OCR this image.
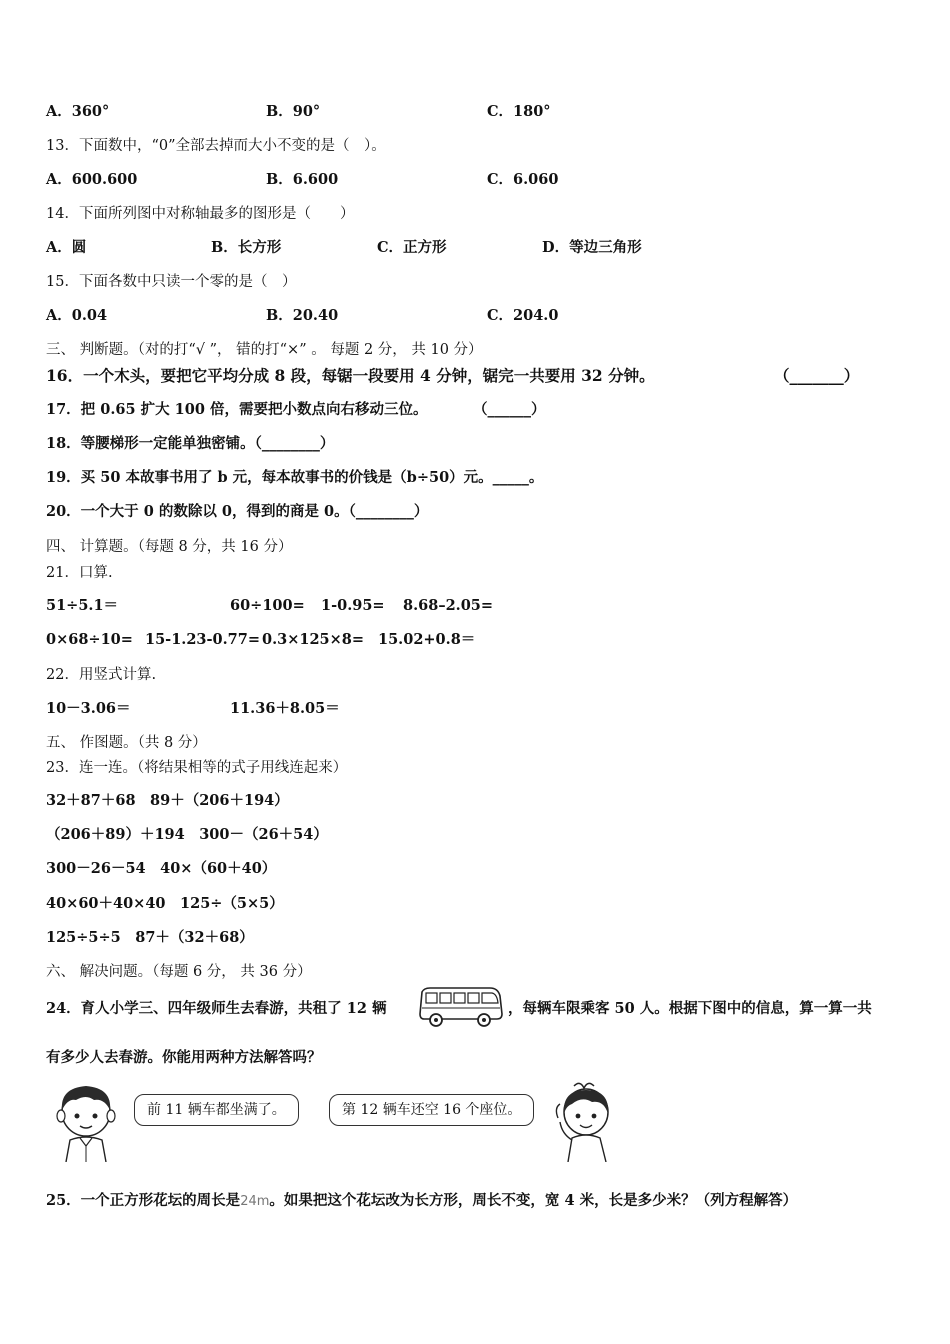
A．360°	B．90°	C．180°
13．下面数中，“0”全部去掉而大小不变的是（　）。
A．600.600	B．6.600	C．6.060
14．下面所列图中对称轴最多的图形是（　　）
A．圆	B．长方形	C．正方形	D．等边三角形
15．下面各数中只读一个零的是（　）
A．0.04	B．20.40	C．204.0
三、 判断题。（对的打“√ ”， 错的打“×” 。 每题 2 分， 共 10 分）
16．一个木头，要把它平均分成 8 段，每锯一段要用 4 分钟，锯完一共要用 32 分钟。	（_______）
17．把 0.65 扩大 100 倍，需要把小数点向右移动三位。	（______）
18．等腰梯形一定能单独密铺。（________）
19．买 50 本故事书用了 b 元，每本故事书的价钱是（b÷50）元。_____。
20．一个大于 0 的数除以 0，得到的商是 0。（________）
四、 计算题。（每题 8 分，共 16 分）
21．口算.
51÷5.1＝	60÷100= 1-0.95= 8.68–2.05=
0×68÷10= 15-1.23-0.77= 0.3×125×8= 15.02+0.8＝
22．用竖式计算.
10－3.06＝	11.36＋8.05＝
五、 作图题。（共 8 分）
23．连一连。（将结果相等的式子用线连起来）
32＋87＋68　89＋（206＋194）
（206＋89）＋194　300－（26＋54）
300－26－54　40×（60＋40）
40×60＋40×40　125÷（5×5）
125÷5÷5　87＋（32＋68）
六、 解决问题。（每题 6 分， 共 36 分）
24．育人小学三、四年级师生去春游，共租了 12 辆	，每辆车限乘客 50 人。根据下图中的信息，算一算一共
有多少人去春游。你能用两种方法解答吗？
前 11 辆车都坐满了。	第 12 辆车还空 16 个座位。
25．一个正方形花坛的周长是24m。如果把这个花坛改为长方形，周长不变，宽 4 米，长是多少米？（列方程解答）
